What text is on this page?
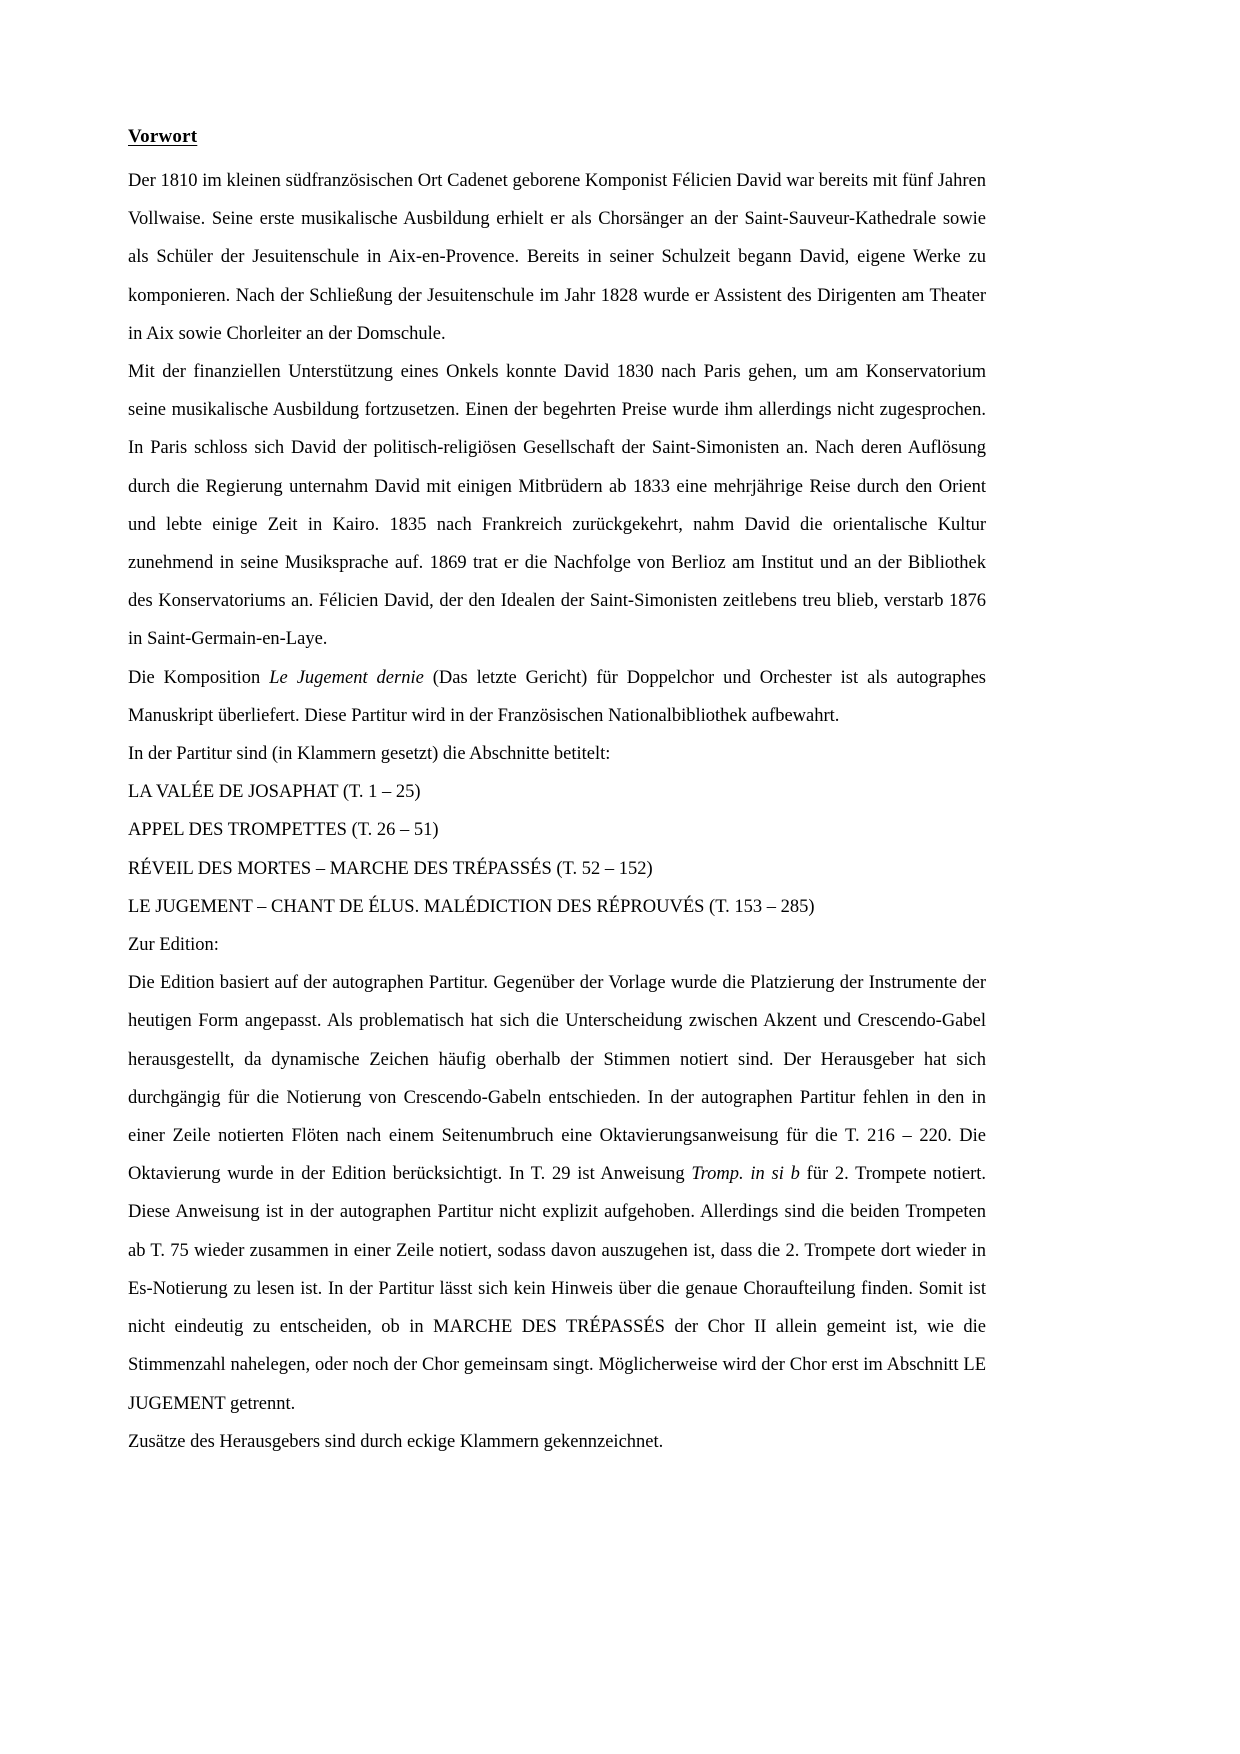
Vorwort

Der 1810 im kleinen südfranzösischen Ort Cadenet geborene Komponist Félicien David war bereits mit fünf Jahren Vollwaise. Seine erste musikalische Ausbildung erhielt er als Chorsänger an der Saint-Sauveur-Kathedrale sowie als Schüler der Jesuitenschule in Aix-en-Provence. Bereits in seiner Schulzeit begann David, eigene Werke zu komponieren. Nach der Schließung der Jesuitenschule im Jahr 1828 wurde er Assistent des Dirigenten am Theater in Aix sowie Chorleiter an der Domschule.

Mit der finanziellen Unterstützung eines Onkels konnte David 1830 nach Paris gehen, um am Konservatorium seine musikalische Ausbildung fortzusetzen. Einen der begehrten Preise wurde ihm allerdings nicht zugesprochen. In Paris schloss sich David der politisch-religiösen Gesellschaft der Saint-Simonisten an. Nach deren Auflösung durch die Regierung unternahm David mit einigen Mitbrüdern ab 1833 eine mehrjährige Reise durch den Orient und lebte einige Zeit in Kairo. 1835 nach Frankreich zurückgekehrt, nahm David die orientalische Kultur zunehmend in seine Musiksprache auf. 1869 trat er die Nachfolge von Berlioz am Institut und an der Bibliothek des Konservatoriums an. Félicien David, der den Idealen der Saint-Simonisten zeitlebens treu blieb, verstarb 1876 in Saint-Germain-en-Laye.

Die Komposition Le Jugement dernie (Das letzte Gericht) für Doppelchor und Orchester ist als autographes Manuskript überliefert. Diese Partitur wird in der Französischen Nationalbibliothek aufbewahrt.

In der Partitur sind (in Klammern gesetzt) die Abschnitte betitelt:

LA VALÉE DE JOSAPHAT (T. 1 – 25)

APPEL DES TROMPETTES (T. 26 – 51)

RÉVEIL DES MORTES – MARCHE DES TRÉPASSÉS (T. 52 – 152)

LE JUGEMENT – CHANT DE ÉLUS. MALÉDICTION DES RÉPROUVÉS (T. 153 – 285)

Zur Edition:

Die Edition basiert auf der autographen Partitur. Gegenüber der Vorlage wurde die Platzierung der Instrumente der heutigen Form angepasst. Als problematisch hat sich die Unterscheidung zwischen Akzent und Crescendo-Gabel herausgestellt, da dynamische Zeichen häufig oberhalb der Stimmen notiert sind. Der Herausgeber hat sich durchgängig für die Notierung von Crescendo-Gabeln entschieden. In der autographen Partitur fehlen in den in einer Zeile notierten Flöten nach einem Seitenumbruch eine Oktavierungsanweisung für die T. 216 – 220. Die Oktavierung wurde in der Edition berücksichtigt. In T. 29 ist Anweisung Tromp. in si b für 2. Trompete notiert. Diese Anweisung ist in der autographen Partitur nicht explizit aufgehoben. Allerdings sind die beiden Trompeten ab T. 75 wieder zusammen in einer Zeile notiert, sodass davon auszugehen ist, dass die 2. Trompete dort wieder in Es-Notierung zu lesen ist. In der Partitur lässt sich kein Hinweis über die genaue Choraufteilung finden. Somit ist nicht eindeutig zu entscheiden, ob in MARCHE DES TRÉPASSÉS der Chor II allein gemeint ist, wie die Stimmenzahl nahelegen, oder noch der Chor gemeinsam singt. Möglicherweise wird der Chor erst im Abschnitt LE JUGEMENT getrennt.

Zusätze des Herausgebers sind durch eckige Klammern gekennzeichnet.
